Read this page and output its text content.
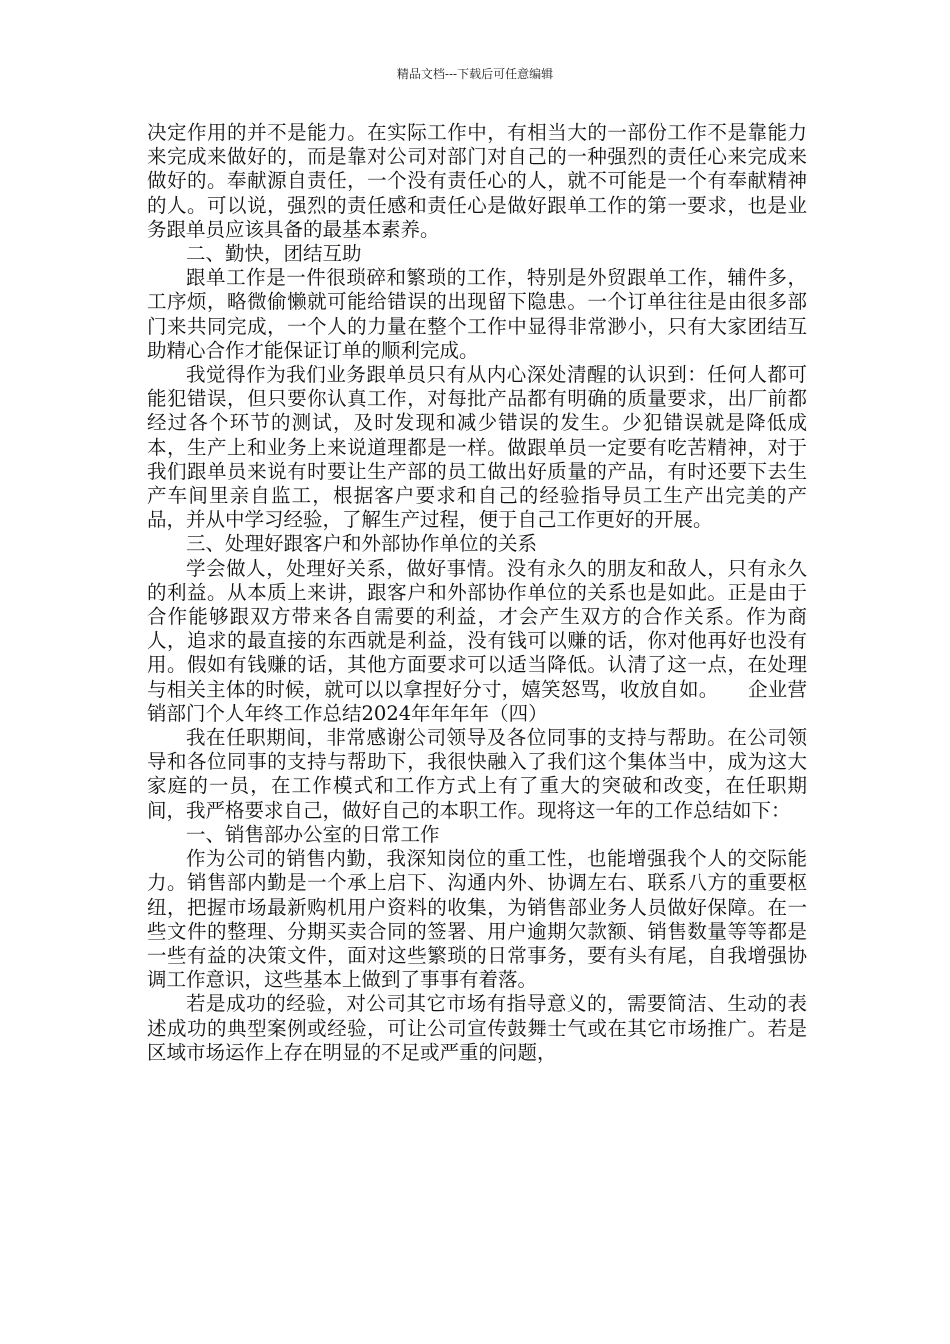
精品文档---下载后可任意编辑

决定作用的并不是能力。在实际工作中，有相当大的一部份工作不是靠能力来完成来做好的，而是靠对公司对部门对自己的一种强烈的责任心来完成来做好的。奉献源自责任，一个没有责任心的人，就不可能是一个有奉献精神的人。可以说，强烈的责任感和责任心是做好跟单工作的第一要求，也是业务跟单员应该具备的最基本素养。

二、勤快，团结互助

跟单工作是一件很琐碎和繁琐的工作，特别是外贸跟单工作，辅件多，工序烦，略微偷懒就可能给错误的出现留下隐患。一个订单往往是由很多部门来共同完成，一个人的力量在整个工作中显得非常渺小，只有大家团结互助精心合作才能保证订单的顺利完成。

我觉得作为我们业务跟单员只有从内心深处清醒的认识到：任何人都可能犯错误，但只要你认真工作，对每批产品都有明确的质量要求，出厂前都经过各个环节的测试，及时发现和减少错误的发生。少犯错误就是降低成本，生产上和业务上来说道理都是一样。做跟单员一定要有吃苦精神，对于我们跟单员来说有时要让生产部的员工做出好质量的产品，有时还要下去生产车间里亲自监工，根据客户要求和自己的经验指导员工生产出完美的产品，并从中学习经验，了解生产过程，便于自己工作更好的开展。

三、处理好跟客户和外部协作单位的关系

学会做人，处理好关系，做好事情。没有永久的朋友和敌人，只有永久的利益。从本质上来讲，跟客户和外部协作单位的关系也是如此。正是由于合作能够跟双方带来各自需要的利益，才会产生双方的合作关系。作为商人，追求的最直接的东西就是利益，没有钱可以赚的话，你对他再好也没有用。假如有钱赚的话，其他方面要求可以适当降低。认清了这一点，在处理与相关主体的时候，就可以以拿捏好分寸，嬉笑怒骂，收放自如。　　企业营销部门个人年终工作总结2024年年年年（四）

我在任职期间，非常感谢公司领导及各位同事的支持与帮助。在公司领导和各位同事的支持与帮助下，我很快融入了我们这个集体当中，成为这大家庭的一员，在工作模式和工作方式上有了重大的突破和改变，在任职期间，我严格要求自己，做好自己的本职工作。现将这一年的工作总结如下：

一、销售部办公室的日常工作

作为公司的销售内勤，我深知岗位的重工性，也能增强我个人的交际能力。销售部内勤是一个承上启下、沟通内外、协调左右、联系八方的重要枢纽，把握市场最新购机用户资料的收集，为销售部业务人员做好保障。在一些文件的整理、分期买卖合同的签署、用户逾期欠款额、销售数量等等都是一些有益的决策文件，面对这些繁琐的日常事务，要有头有尾，自我增强协调工作意识，这些基本上做到了事事有着落。

若是成功的经验，对公司其它市场有指导意义的，需要简洁、生动的表述成功的典型案例或经验，可让公司宣传鼓舞士气或在其它市场推广。若是区域市场运作上存在明显的不足或严重的问题，
